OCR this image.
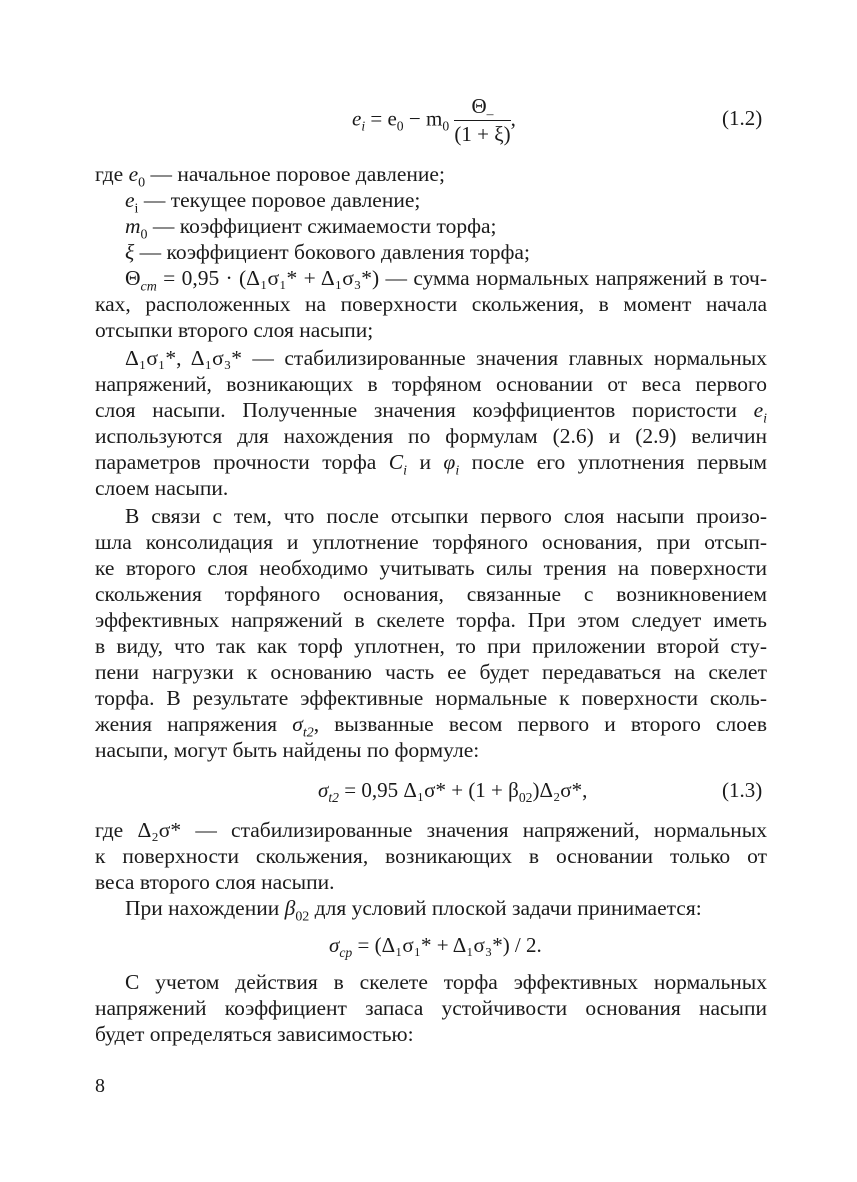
$e_i = e_0 - m_0 \frac{\Theta_-}{(1 + \xi)}$ ,	(1.2)
где $e_0$ — начальное поровое давление;
$e_i$ — текущее поровое давление;
$m_0$ — коэффициент сжимаемости торфа;
ξ — коэффициент бокового давления торфа;
$\Theta_{cm} = 0,95 \cdot (\Delta_1\sigma_1* + \Delta_1\sigma_3*)$ — сумма нормальных напряжений в точ-
ках, расположенных на поверхности скольжения, в момент начала
отсыпки второго слоя насыпи;
Δ₁σ₁*, Δ₁σ₃* — стабилизированные значения главных нормальных
напряжений, возникающих в торфяном основании от веса первого
слоя насыпи. Полученные значения коэффициентов пористости $e_i$
используются для нахождения по формулам (2.6) и (2.9) величин
параметров прочности торфа $C_i$ и $\varphi_i$ после его уплотнения первым
слоем насыпи.
В связи с тем, что после отсыпки первого слоя насыпи произо-
шла консолидация и уплотнение торфяного основания, при отсып-
ке второго слоя необходимо учитывать силы трения на поверхности
скольжения торфяного основания, связанные с возникновением
эффективных напряжений в скелете торфа. При этом следует иметь
в виду, что так как торф уплотнен, то при приложении второй сту-
пени нагрузки к основанию часть ее будет передаваться на скелет
торфа. В результате эффективные нормальные к поверхности сколь-
жения напряжения $\sigma_{t2}$, вызванные весом первого и второго слоев
насыпи, могут быть найдены по формуле:
$\sigma_{t2} = 0,95$ $\Delta_1\sigma* + (1 + \beta_{02})\Delta_2\sigma*$,	(1.3)
где Δ₂σ* — стабилизированные значения напряжений, нормальных
к поверхности скольжения, возникающих в основании только от
веса второго слоя насыпи.
При нахождении $\beta_{02}$ для условий плоской задачи принимается:
$\sigma_{cp} = (\Delta_1\sigma_1* + \Delta_1\sigma_3*) / 2$.
С учетом действия в скелете торфа эффективных нормальных
напряжений коэффициент запаса устойчивости основания насыпи
будет определяться зависимостью:
8
